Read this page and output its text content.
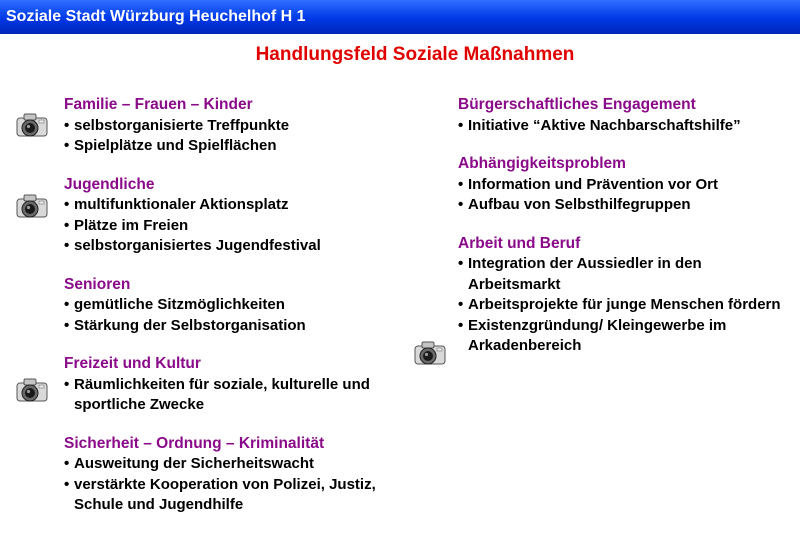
Soziale Stadt Würzburg Heuchelhof H 1
Handlungsfeld Soziale Maßnahmen
Familie – Frauen – Kinder
• selbstorganisierte Treffpunkte
• Spielplätze und Spielflächen
Jugendliche
• multifunktionaler Aktionsplatz
• Plätze im Freien
• selbstorganisiertes Jugendfestival
Senioren
• gemütliche Sitzmöglichkeiten
• Stärkung der Selbstorganisation
Freizeit und Kultur
• Räumlichkeiten für soziale, kulturelle und sportliche Zwecke
Sicherheit – Ordnung – Kriminalität
• Ausweitung der Sicherheitswacht
• verstärkte Kooperation von Polizei, Justiz, Schule und Jugendhilfe
Bürgerschaftliches Engagement
• Initiative “Aktive Nachbarschaftshilfe”
Abhängigkeitsproblem
• Information und Prävention vor Ort
• Aufbau von Selbsthilfegruppen
Arbeit und Beruf
• Integration der Aussiedler in den Arbeitsmarkt
• Arbeitsprojekte für junge Menschen fördern
• Existenzgründung/ Kleingewerbe im Arkadenbereich
